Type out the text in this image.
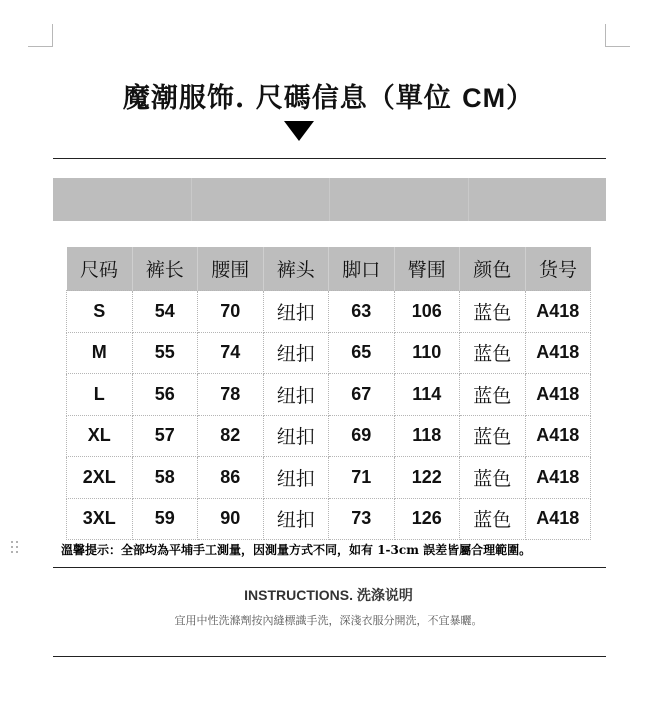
魔潮服饰. 尺碼信息（單位 CM）
尺码	裤长	腰围	裤头	脚口	臀围	颜色	货号
S	54	70	纽扣	63	106	蓝色	A418
M	55	74	纽扣	65	110	蓝色	A418
L	56	78	纽扣	67	114	蓝色	A418
XL	57	82	纽扣	69	118	蓝色	A418
2XL	58	86	纽扣	71	122	蓝色	A418
3XL	59	90	纽扣	73	126	蓝色	A418
溫馨提示：全部均為平埔手工測量，因測量方式不同，如有 1-3cm 誤差皆屬合理範圍。
INSTRUCTIONS. 洗涤说明
宜用中性洗滌劑按內縫標識手洗，深淺衣服分開洗，不宜暴曬。
